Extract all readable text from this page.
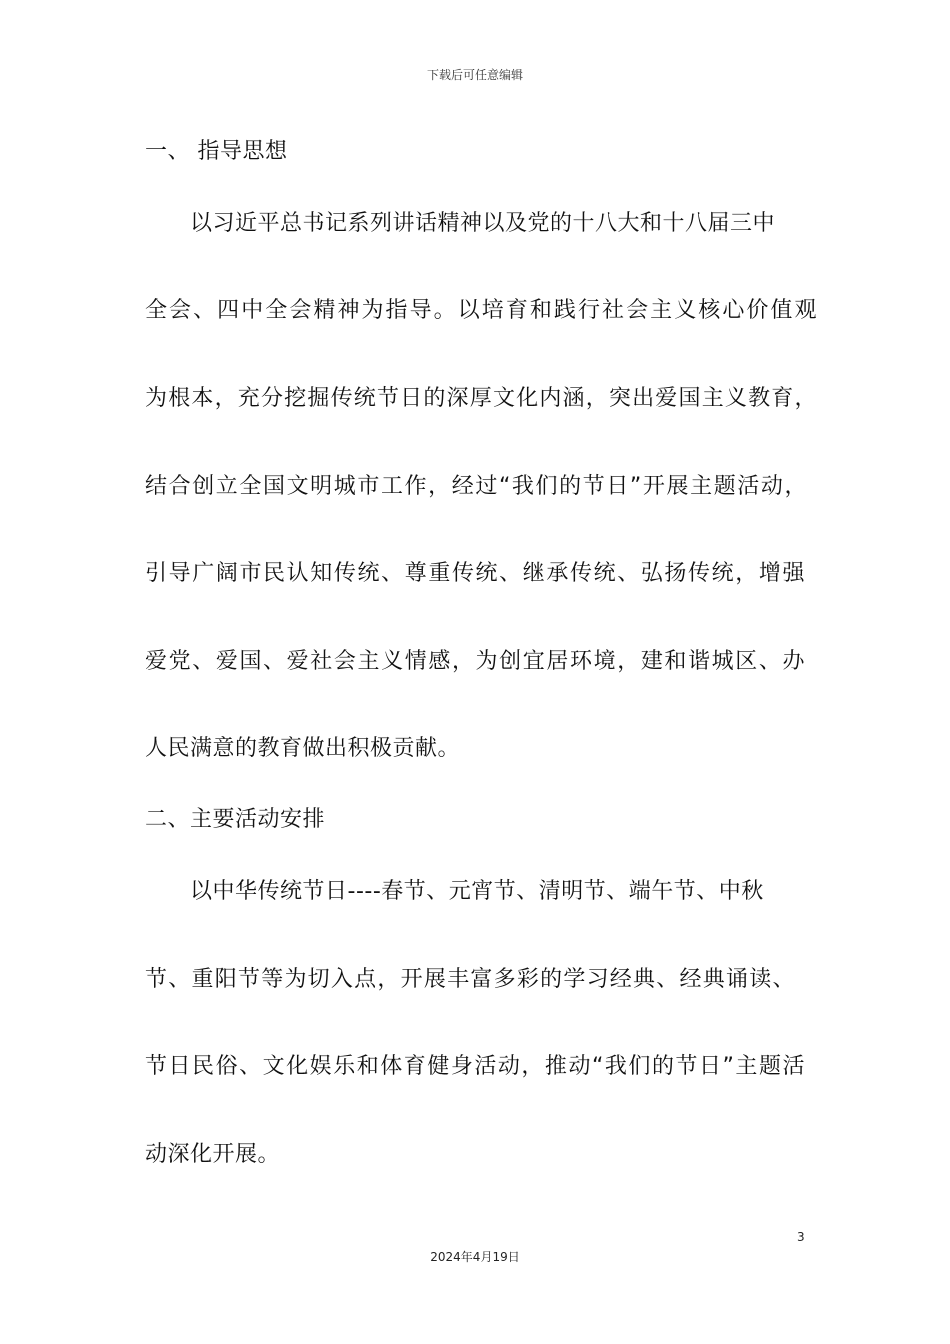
下载后可任意编辑
一、 指导思想
以习近平总书记系列讲话精神以及党的十八大和十八届三中
全会、四中全会精神为指导。以培育和践行社会主义核心价值观
为根本，充分挖掘传统节日的深厚文化内涵，突出爱国主义教育，
结合创立全国文明城市工作，经过“我们的节日”开展主题活动，
引导广阔市民认知传统、尊重传统、继承传统、弘扬传统，增强
爱党、爱国、爱社会主义情感，为创宜居环境，建和谐城区、办
人民满意的教育做出积极贡献。
二、主要活动安排
以中华传统节日----春节、元宵节、清明节、端午节、中秋
节、重阳节等为切入点，开展丰富多彩的学习经典、经典诵读、
节日民俗、文化娱乐和体育健身活动，推动“我们的节日”主题活
动深化开展。
3
2024年4月19日
